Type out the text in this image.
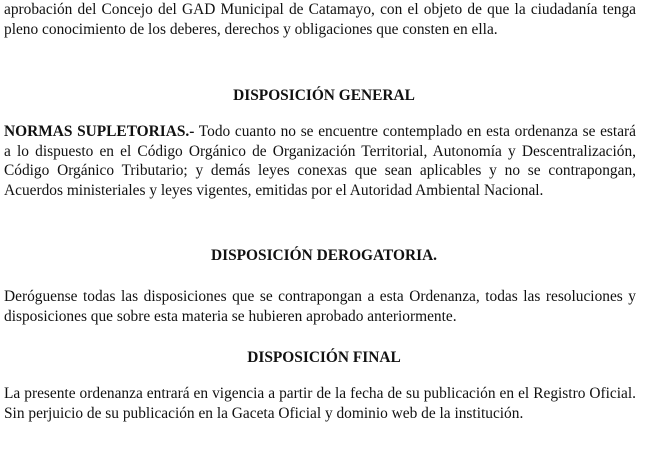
aprobación del Concejo del GAD Municipal de Catamayo, con el objeto de que la ciudadanía tenga pleno conocimiento de los deberes, derechos y obligaciones que consten en ella.

DISPOSICIÓN GENERAL

NORMAS SUPLETORIAS.- Todo cuanto no se encuentre contemplado en esta ordenanza se estará a lo dispuesto en el Código Orgánico de Organización Territorial, Autonomía y Descentralización, Código Orgánico Tributario; y demás leyes conexas que sean aplicables y no se contrapongan, Acuerdos ministeriales y leyes vigentes, emitidas por el Autoridad Ambiental Nacional.

DISPOSICIÓN DEROGATORIA.

Deróguense todas las disposiciones que se contrapongan a esta Ordenanza, todas las resoluciones y disposiciones que sobre esta materia se hubieren aprobado anteriormente.

DISPOSICIÓN FINAL

La presente ordenanza entrará en vigencia a partir de la fecha de su publicación en el Registro Oficial. Sin perjuicio de su publicación en la Gaceta Oficial y dominio web de la institución.
